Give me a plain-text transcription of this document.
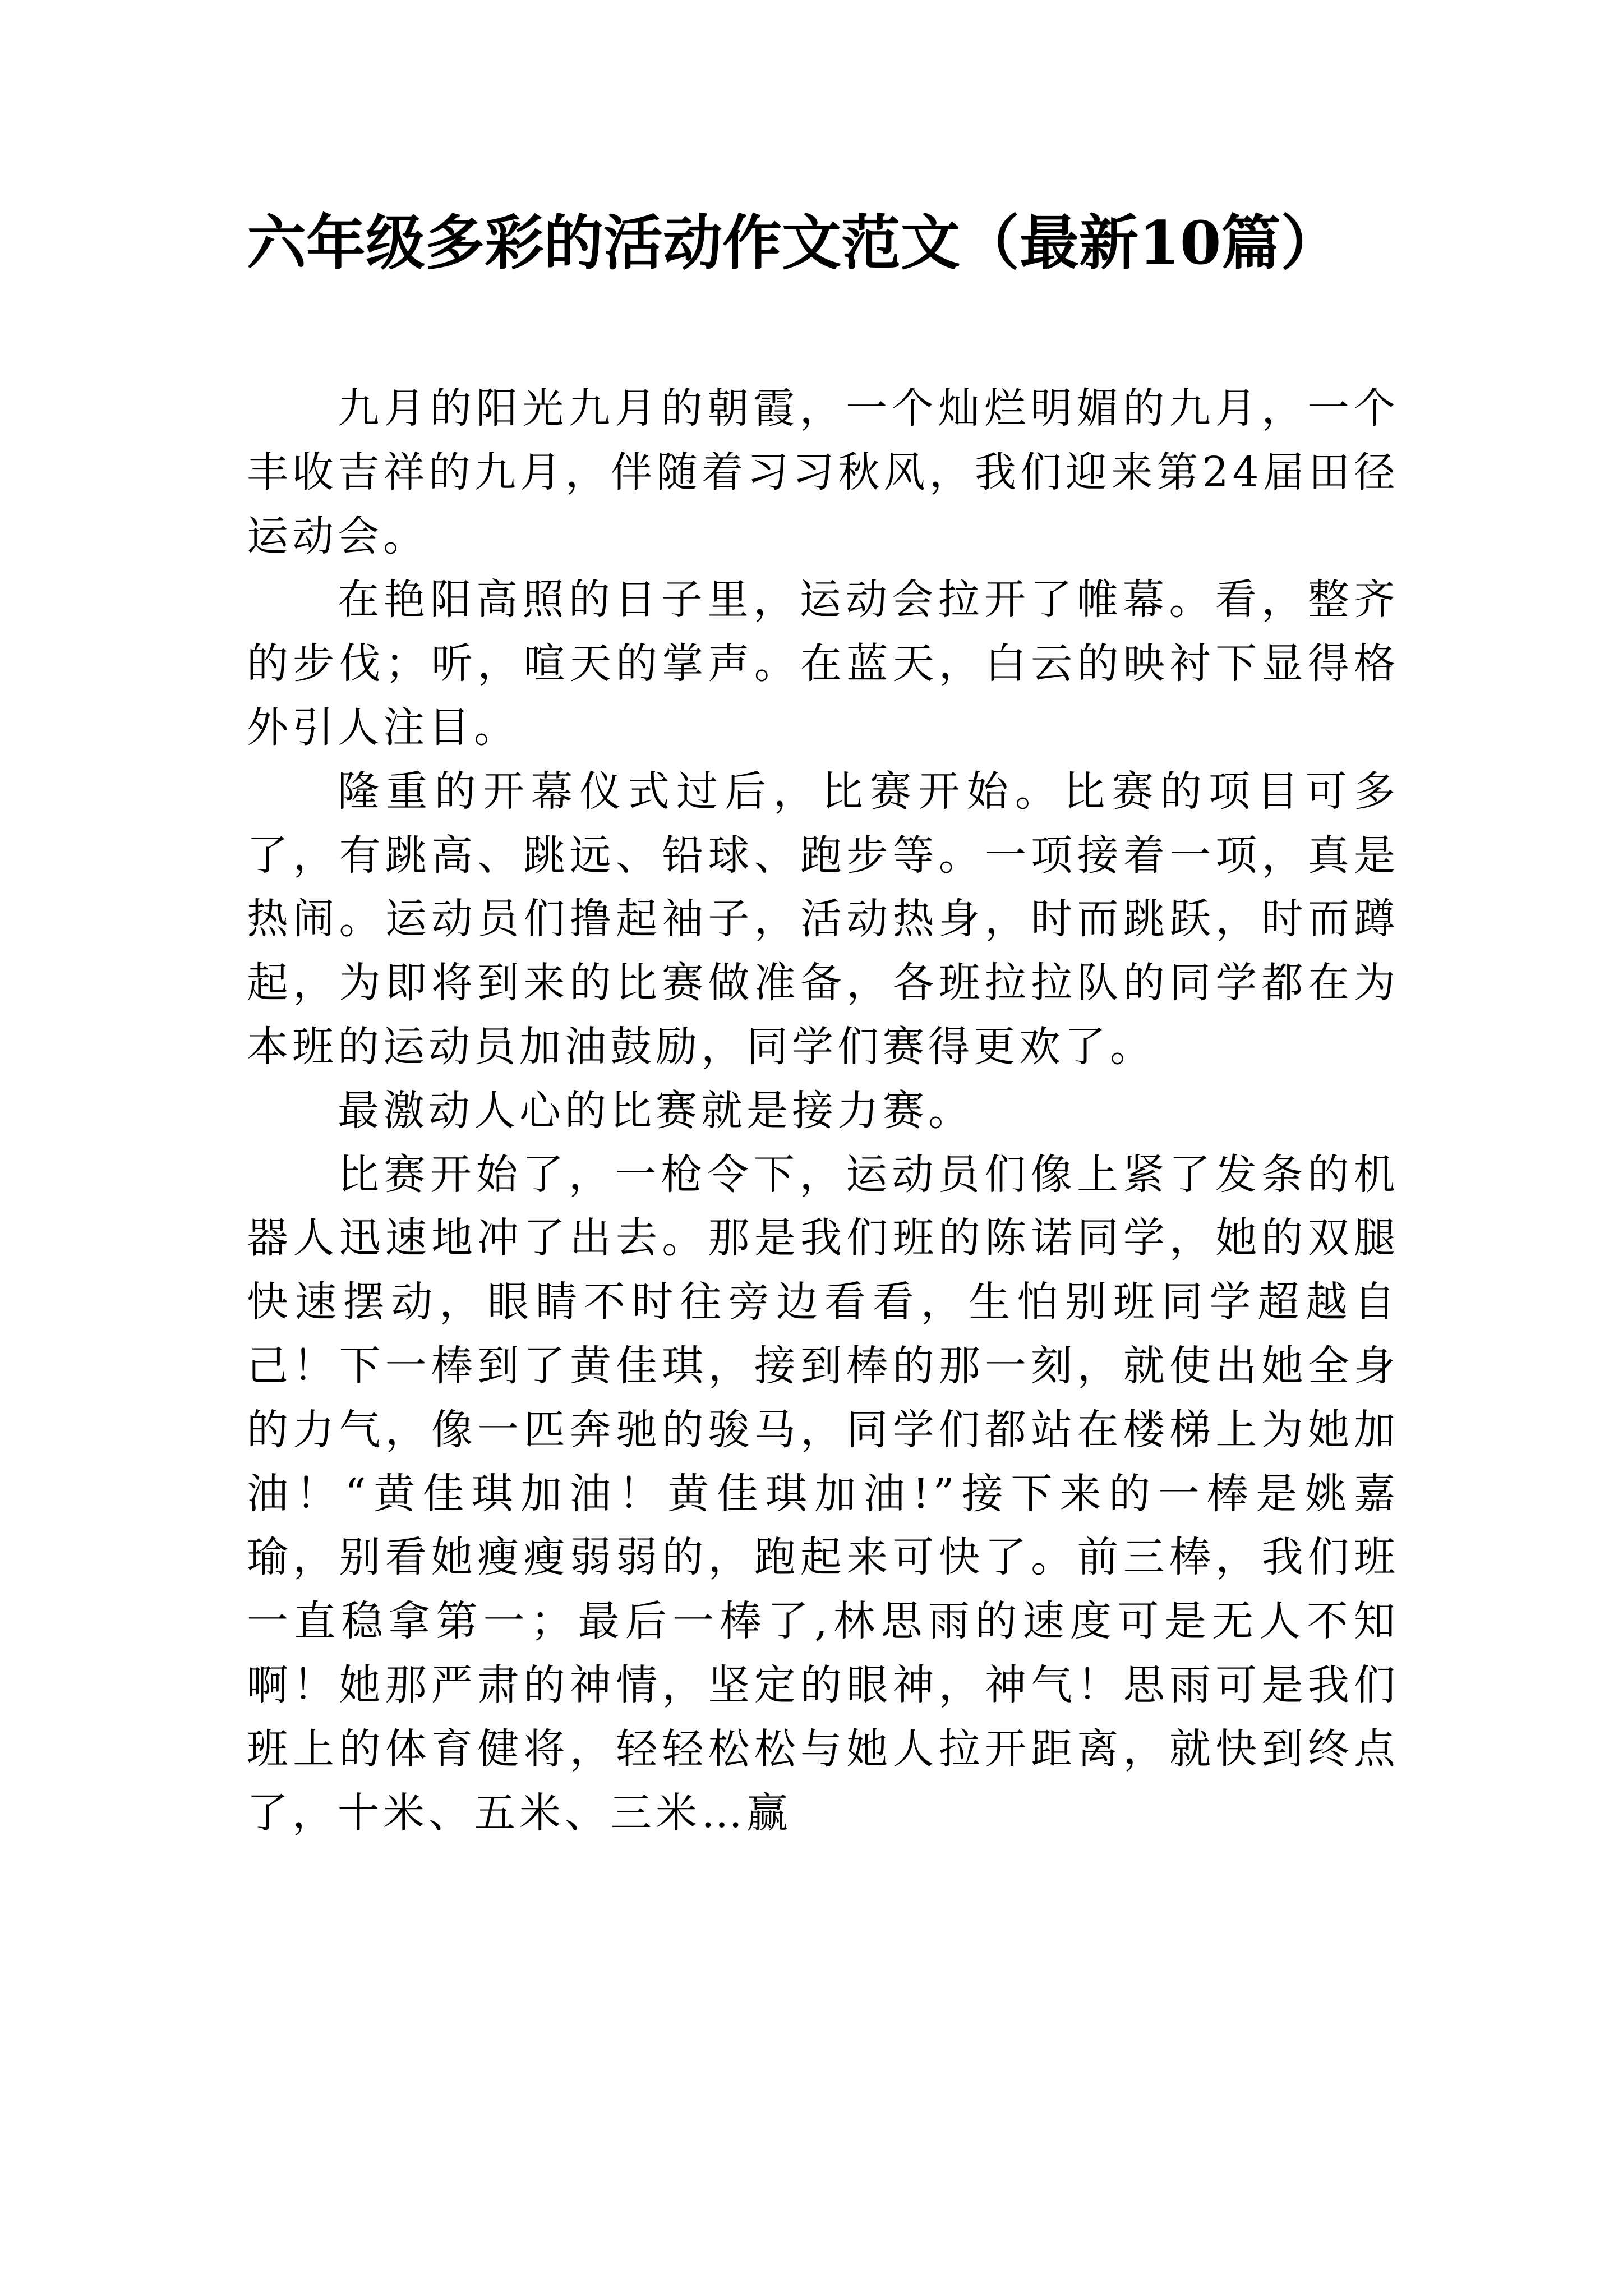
六年级多彩的活动作文范文（最新10篇）

九月的阳光九月的朝霞，一个灿烂明媚的九月，一个丰收吉祥的九月，伴随着习习秋风，我们迎来第24届田径运动会。

在艳阳高照的日子里，运动会拉开了帷幕。看，整齐的步伐；听，喧天的掌声。在蓝天，白云的映衬下显得格外引人注目。

隆重的开幕仪式过后，比赛开始。比赛的项目可多了，有跳高、跳远、铅球、跑步等。一项接着一项，真是热闹。运动员们撸起袖子，活动热身，时而跳跃，时而蹲起，为即将到来的比赛做准备，各班拉拉队的同学都在为本班的运动员加油鼓励，同学们赛得更欢了。

最激动人心的比赛就是接力赛。

比赛开始了，一枪令下，运动员们像上紧了发条的机器人迅速地冲了出去。那是我们班的陈诺同学，她的双腿快速摆动，眼睛不时往旁边看看，生怕别班同学超越自己！下一棒到了黄佳琪，接到棒的那一刻，就使出她全身的力气，像一匹奔驰的骏马，同学们都站在楼梯上为她加油！“黄佳琪加油！黄佳琪加油!”接下来的一棒是姚嘉瑜，别看她瘦瘦弱弱的，跑起来可快了。前三棒，我们班一直稳拿第一；最后一棒了,林思雨的速度可是无人不知啊！她那严肃的神情，坚定的眼神，神气！思雨可是我们班上的体育健将，轻轻松松与她人拉开距离，就快到终点了，十米、五米、三米…赢
